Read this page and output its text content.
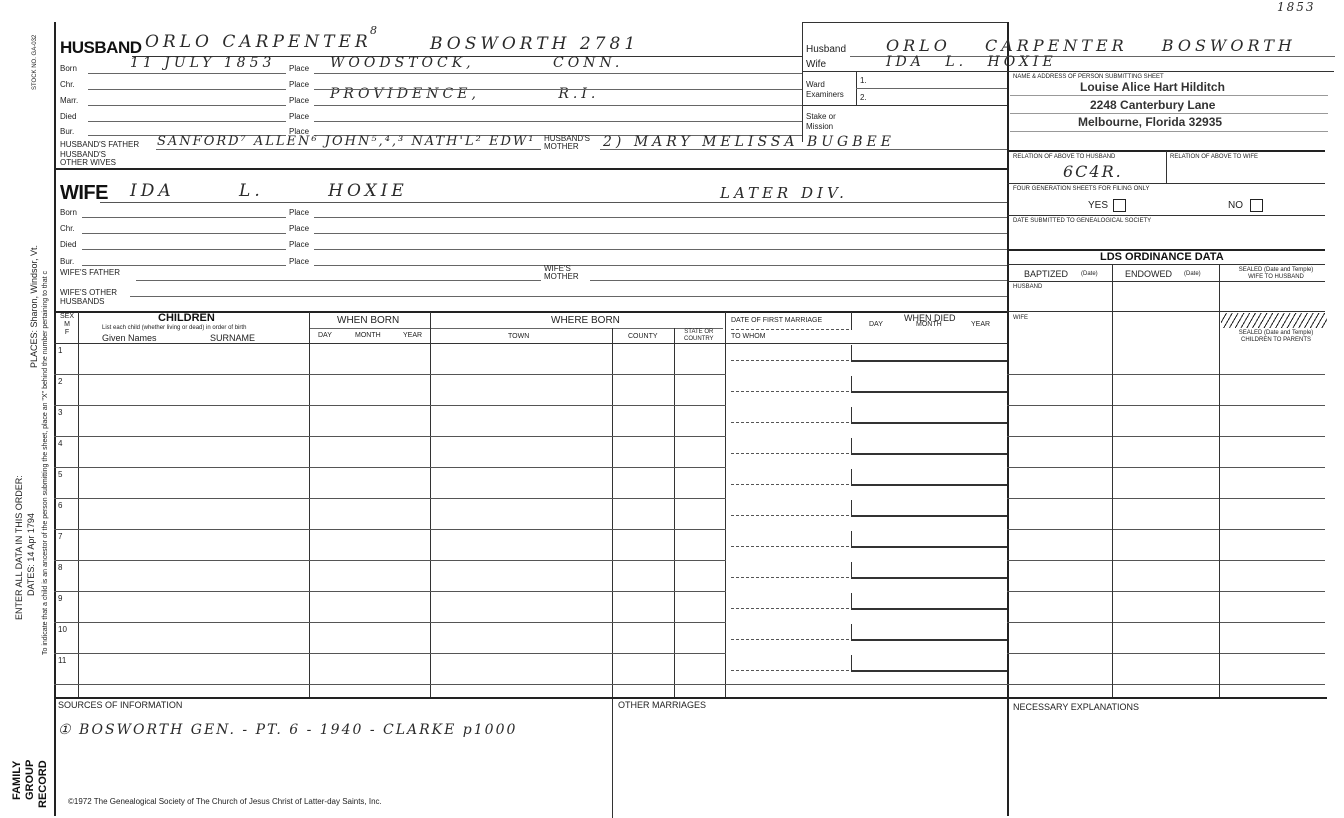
STOCK NO. GA-032
PLACES: Sharon, Windsor, Vt. To indicate that a child is an ancestor of the person submitting the sheet, place an "X" behind the number pertaining to that c
ENTER ALL DATA IN THIS ORDER: DATES: 14 Apr 1794
FAMILY GROUP RECORD
HUSBAND ORLO CARPENTER
8
BOSWORTH 2781
Born	11 JULY 1853 Place WOODSTOCK, CONN.
Chr.	Place
Marr.	Place PROVIDENCE, R.I.
Died	Place
Bur.	Place
HUSBAND'S FATHER SANFORD⁷ ALLEN⁶ JOHN⁵,⁴,³ NATH'L² EDW¹ HUSBAND'S
MOTHER	2) MARY MELISSA BUGBEE
HUSBAND'S
OTHER WIVES
WIFE IDA L. HOXIE	LATER DIV.
Born	Place
Chr.	Place
Died	Place
Bur.	Place
WIFE'S FATHER	WIFE'S
MOTHER
WIFE'S OTHER
HUSBANDS
SEX
M
F
CHILDREN
List each child (whether living or dead) in order of birth
Given Names	SURNAME
WHEN BORN
DAY	MONTH	YEAR
WHERE BORN
TOWN	COUNTY
STATE OR
COUNTRY
DATE OF FIRST MARRIAGE
TO WHOM
WHEN DIED
DAY	MONTH	YEAR
1
2
3
4
5
6
7
8
9
10
11
1853
Husband ORLO CARPENTER BOSWORTH
Wife	IDA L. HOXIE
Ward
Examiners
1.
2.
Stake or
Mission
NAME & ADDRESS OF PERSON SUBMITTING SHEET
Louise Alice Hart Hilditch
2248 Canterbury Lane
Melbourne, Florida 32935
RELATION OF ABOVE TO HUSBAND
6C4R.
RELATION OF ABOVE TO WIFE
FOUR GENERATION SHEETS FOR FILING ONLY
YES	NO
DATE SUBMITTED TO GENEALOGICAL SOCIETY
LDS ORDINANCE DATA
BAPTIZED (Date)	ENDOWED (Date)
SEALED (Date and Temple)
WIFE TO HUSBAND
HUSBAND
WIFE
SEALED (Date and Temple)
CHILDREN TO PARENTS
SOURCES OF INFORMATION
① BOSWORTH GEN. - PT. 6 - 1940 - CLARKE p1000
OTHER MARRIAGES	NECESSARY EXPLANATIONS
©1972 The Genealogical Society of The Church of Jesus Christ of Latter-day Saints, Inc.
